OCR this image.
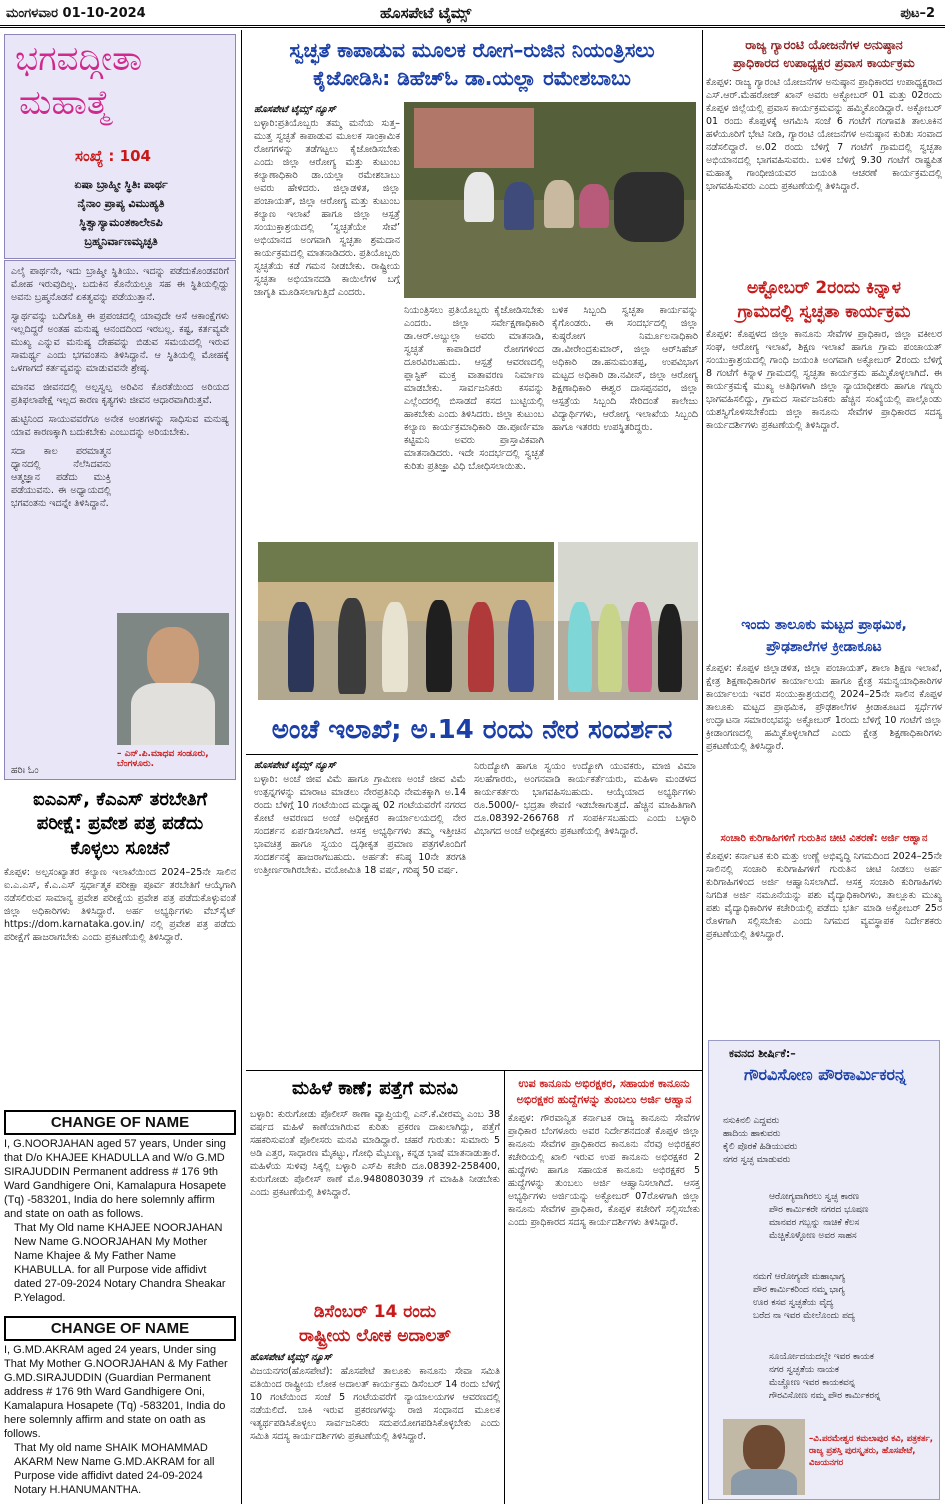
ಮಂಗಳವಾರ 01-10-2024	ಹೊಸಪೇಟೆ ಟೈಮ್ಸ್	ಪುಟ–2
ಭಗವದ್ಗೀತಾ
ಮಹಾತ್ಮೆ
ಸಂಖ್ಯೆ : 104
ಏಷಾ ಬ್ರಾಹ್ಮೀ ಸ್ಥಿತಿಃ ಪಾರ್ಥ
ನೈನಾಂ ಪ್ರಾಪ್ಯ ವಿಮುಹ್ಯತಿ
ಸ್ಥಿತ್ವಾಸ್ಯಾಮಂತಕಾಲೇಽಪಿ
ಬ್ರಹ್ಮನಿರ್ವಾಣಮೃಚ್ಛತಿ

ಎಲೈ ಪಾರ್ಥನೇ, ಇದು ಬ್ರಾಹ್ಮೀ ಸ್ಥಿತಿಯು. ಇದನ್ನು ಪಡೆದುಕೊಂಡವರಿಗೆ ಮೋಹ ಇರುವುದಿಲ್ಲ. ಬದುಕಿನ ಕೊನೆಯಲ್ಲೂ ಸಹ ಈ ಸ್ಥಿತಿಯಲ್ಲಿದ್ದು ಅವನು ಬ್ರಹ್ಮನೊಡನೆ ಏಕತ್ವವನ್ನು ಪಡೆಯುತ್ತಾನೆ.

ಸ್ವಾರ್ಥವನ್ನು ಬದಿಗೊತ್ತಿ ಈ ಪ್ರಪಂಚದಲ್ಲಿ ಯಾವುದೇ ಆಸೆ ಆಕಾಂಕ್ಷೆಗಳು ಇಲ್ಲದಿದ್ದರೆ ಅಂತಹ ಮನುಷ್ಯ ಆನಂದದಿಂದ ಇರಬಲ್ಲ. ಕಷ್ಟ, ಕರ್ತವ್ಯವೇ ಮುಖ್ಯ ಎನ್ನುವ ಮನುಷ್ಯ ದೇಹವನ್ನು ಬಿಡುವ ಸಮಯದಲ್ಲಿ ಇರುವ ಸಾಮರ್ಥ್ಯ ಎಂದು ಭಗವಂತನು ತಿಳಿಸಿದ್ದಾನೆ. ಆ ಸ್ಥಿತಿಯಲ್ಲಿ ಮೋಹಕ್ಕೆ ಒಳಗಾಗದೆ ಕರ್ತವ್ಯವನ್ನು ಮಾಡುವವನೇ ಶ್ರೇಷ್ಠ.

ಮಾನವ ಜೀವನದಲ್ಲಿ ಅಲ್ಪಸ್ವಲ್ಪ ಅರಿವಿನ ಕೊರತೆಯಿಂದ ಅರಿಯದ ಪ್ರತಿಫಲಾಪೇಕ್ಷೆ ಇಲ್ಲದ ಕಾರಣ ಕೃತ್ಯಗಳು ಜೀವನ ಆಧಾರವಾಗಿರುತ್ತವೆ.

ಹುಟ್ಟಿನಿಂದ ಸಾಯುವವರೆಗೂ ಅನೇಕ ಅಂಶಗಳನ್ನು ಸಾಧಿಸುವ ಮನುಷ್ಯ ಯಾವ ಕಾರಣಕ್ಕಾಗಿ ಬದುಕಬೇಕು ಎಂಬುದನ್ನು ಅರಿಯಬೇಕು.

ಸದಾ ಕಾಲ ಪರಮಾತ್ಮನ ಧ್ಯಾನದಲ್ಲಿ ನೆಲೆಸಿದವನು ಆತ್ಮಜ್ಞಾನ ಪಡೆದು ಮುಕ್ತಿ ಪಡೆಯುವನು. ಈ ಅಧ್ಯಾಯದಲ್ಲಿ ಭಗವಂತನು ಇದನ್ನೇ ತಿಳಿಸಿದ್ದಾನೆ.

– ಎನ್.ಪಿ.ಮಾಧವ ಸಂಡೂರು, ಬೆಂಗಳೂರು.
ಹರಿಃ ಓಂ
ಐಎಎಸ್, ಕೆಎಎಸ್ ತರಬೇತಿಗೆ
ಪರೀಕ್ಷೆ: ಪ್ರವೇಶ ಪತ್ರ ಪಡೆದು
ಕೊಳ್ಳಲು ಸೂಚನೆ

ಕೊಪ್ಪಳ: ಅಲ್ಪಸಂಖ್ಯಾತರ ಕಲ್ಯಾಣ ಇಲಾಖೆಯಿಂದ 2024–25ನೇ ಸಾಲಿನ ಐ.ಎ.ಎಸ್, ಕೆ.ಎ.ಎಸ್ ಸ್ಪರ್ಧಾತ್ಮಕ ಪರೀಕ್ಷಾ ಪೂರ್ವ ತರಬೇತಿಗೆ ಆಯ್ಕೆಗಾಗಿ ನಡೆಸಲಿರುವ ಸಾಮಾನ್ಯ ಪ್ರವೇಶ ಪರೀಕ್ಷೆಯ ಪ್ರವೇಶ ಪತ್ರ ಪಡೆದುಕೊಳ್ಳುವಂತೆ ಜಿಲ್ಲಾ ಅಧಿಕಾರಿಗಳು ತಿಳಿಸಿದ್ದಾರೆ. ಅರ್ಹ ಅಭ್ಯರ್ಥಿಗಳು ವೆಬ್‌ಸೈಟ್ https://dom.karnataka.gov.in/ ನಲ್ಲಿ ಪ್ರವೇಶ ಪತ್ರ ಪಡೆದು ಪರೀಕ್ಷೆಗೆ ಹಾಜರಾಗಬೇಕು ಎಂದು ಪ್ರಕಟಣೆಯಲ್ಲಿ ತಿಳಿಸಿದ್ದಾರೆ.

CHANGE OF NAME
I, G.NOORJAHAN aged 57 years, Under sing that D/o KHAJEE KHADULLA and W/o G.MD SIRAJUDDIN Permanent address # 176 9th Ward Gandhigere Oni, Kamalapura Hosapete (Tq) -583201, India do here solemnly affirm and state on oath as follows.
That My Old name KHAJEE NOORJAHAN New Name G.NOORJAHAN My Mother Name Khajee & My Father Name KHABULLA. for all Purpose vide affidivt dated 27-09-2024 Notary Chandra Sheakar P.Yelagod.
CHANGE OF NAME
I, G.MD.AKRAM aged 24 years, Under sing That My Mother G.NOORJAHAN & My Father G.MD.SIRAJUDDIN (Guardian Permanent address # 176 9th Ward Gandhigere Oni, Kamalapura Hosapete (Tq) -583201, India do here solemnly affirm and state on oath as follows.
That My old name SHAIK MOHAMMAD AKARM New Name G.MD.AKRAM for all Purpose vide affidivt dated 24-09-2024 Notary H.HANUMANTHA.
ಸ್ವಚ್ಛತೆ ಕಾಪಾಡುವ ಮೂಲಕ ರೋಗ–ರುಜಿನ ನಿಯಂತ್ರಿಸಲು
ಕೈಜೋಡಿಸಿ: ಡಿಹೆಚ್‌ಓ ಡಾ.ಯಲ್ಲಾ ರಮೇಶಬಾಬು
ಹೊಸಪೇಟೆ ಟೈಮ್ಸ್ ನ್ಯೂಸ್

ಬಳ್ಳಾರಿ:ಪ್ರತಿಯೊಬ್ಬರು ತಮ್ಮ ಮನೆಯ ಸುತ್ತ–ಮುತ್ತ ಸ್ವಚ್ಛತೆ ಕಾಪಾಡುವ ಮೂಲಕ ಸಾಂಕ್ರಾಮಿಕ ರೋಗಗಳನ್ನು ತಡೆಗಟ್ಟಲು ಕೈಜೋಡಿಸಬೇಕು ಎಂದು ಜಿಲ್ಲಾ ಆರೋಗ್ಯ ಮತ್ತು ಕುಟುಂಬ ಕಲ್ಯಾಣಾಧಿಕಾರಿ ಡಾ.ಯಲ್ಲಾ ರಮೇಶಬಾಬು ಅವರು ಹೇಳಿದರು. ಜಿಲ್ಲಾಡಳಿತ, ಜಿಲ್ಲಾ ಪಂಚಾಯತ್, ಜಿಲ್ಲಾ ಆರೋಗ್ಯ ಮತ್ತು ಕುಟುಂಬ ಕಲ್ಯಾಣ ಇಲಾಖೆ ಹಾಗೂ ಜಿಲ್ಲಾ ಆಸ್ಪತ್ರೆ ಸಂಯುಕ್ತಾಶ್ರಯದಲ್ಲಿ ‘ಸ್ವಚ್ಛತೆಯೇ ಸೇವೆ’ ಅಭಿಯಾನದ ಅಂಗವಾಗಿ ಸ್ವಚ್ಛತಾ ಶ್ರಮದಾನ ಕಾರ್ಯಕ್ರಮದಲ್ಲಿ ಮಾತನಾಡಿದರು. ಪ್ರತಿಯೊಬ್ಬರು ಸ್ವಚ್ಛತೆಯ ಕಡೆ ಗಮನ ನೀಡಬೇಕು. ರಾಷ್ಟ್ರೀಯ ಸ್ವಚ್ಛತಾ ಅಭಿಯಾನದಡಿ ಕಾಯಿಲೆಗಳ ಬಗ್ಗೆ ಜಾಗೃತಿ ಮೂಡಿಸಲಾಗುತ್ತಿದೆ ಎಂದರು.

ನಿಯಂತ್ರಿಸಲು ಪ್ರತಿಯೊಬ್ಬರು ಕೈಜೋಡಿಸಬೇಕು ಎಂದರು. ಜಿಲ್ಲಾ ಸರ್ವೇಕ್ಷಣಾಧಿಕಾರಿ ಡಾ.ಆರ್.ಅಬ್ದುಲ್ಲಾ ಅವರು ಮಾತನಾಡಿ, ಸ್ವಚ್ಛತೆ ಕಾಪಾಡಿದರೆ ರೋಗಗಳಿಂದ ದೂರವಿರಬಹುದು. ಆಸ್ಪತ್ರೆ ಆವರಣದಲ್ಲಿ ಪ್ಲಾಸ್ಟಿಕ್ ಮುಕ್ತ ವಾತಾವರಣ ನಿರ್ಮಾಣ ಮಾಡಬೇಕು. ಸಾರ್ವಜನಿಕರು ಕಸವನ್ನು ಎಲ್ಲೆಂದರಲ್ಲಿ ಬಿಸಾಡದೆ ಕಸದ ಬುಟ್ಟಿಯಲ್ಲಿ ಹಾಕಬೇಕು ಎಂದು ತಿಳಿಸಿದರು. ಜಿಲ್ಲಾ ಕುಟುಂಬ ಕಲ್ಯಾಣ ಕಾರ್ಯಕ್ರಮಾಧಿಕಾರಿ ಡಾ.ಪೂರ್ಣಿಮಾ ಕಟ್ಟಿಮನಿ ಅವರು ಪ್ರಾಸ್ತಾವಿಕವಾಗಿ ಮಾತನಾಡಿದರು. ಇದೇ ಸಂದರ್ಭದಲ್ಲಿ ಸ್ವಚ್ಛತೆ ಕುರಿತು ಪ್ರತಿಜ್ಞಾ ವಿಧಿ ಬೋಧಿಸಲಾಯಿತು.

ಬಳಿಕ ಸಿಬ್ಬಂದಿ ಸ್ವಚ್ಛತಾ ಕಾರ್ಯವನ್ನು ಕೈಗೊಂಡರು. ಈ ಸಂದರ್ಭದಲ್ಲಿ ಜಿಲ್ಲಾ ಕುಷ್ಠರೋಗ ನಿರ್ಮೂಲನಾಧಿಕಾರಿ ಡಾ.ವೀರೇಂದ್ರಕುಮಾರ್, ಜಿಲ್ಲಾ ಆರ್‌ಸಿಹೆಚ್ ಅಧಿಕಾರಿ ಡಾ.ಹನುಮಂತಪ್ಪ, ಉಪವಿಭಾಗ ಮಟ್ಟದ ಅಧಿಕಾರಿ ಡಾ.ನವೀನ್, ಜಿಲ್ಲಾ ಆರೋಗ್ಯ ಶಿಕ್ಷಣಾಧಿಕಾರಿ ಈಶ್ವರ ದಾಸಪ್ಪನವರ, ಜಿಲ್ಲಾ ಆಸ್ಪತ್ರೆಯ ಸಿಬ್ಬಂದಿ ಸೇರಿದಂತೆ ಕಾಲೇಜು ವಿದ್ಯಾರ್ಥಿಗಳು, ಆರೋಗ್ಯ ಇಲಾಖೆಯ ಸಿಬ್ಬಂದಿ ಹಾಗೂ ಇತರರು ಉಪಸ್ಥಿತರಿದ್ದರು.

ಅಂಚೆ ಇಲಾಖೆ; ಅ.14 ರಂದು ನೇರ ಸಂದರ್ಶನ
ಹೊಸಪೇಟೆ ಟೈಮ್ಸ್ ನ್ಯೂಸ್

ಬಳ್ಳಾರಿ: ಅಂಚೆ ಜೀವ ವಿಮೆ ಹಾಗೂ ಗ್ರಾಮೀಣ ಅಂಚೆ ಜೀವ ವಿಮೆ ಉತ್ಪನ್ನಗಳನ್ನು ಮಾರಾಟ ಮಾಡಲು ನೇರಪ್ರತಿನಿಧಿ ನೇಮಕಕ್ಕಾಗಿ ಅ.14 ರಂದು ಬೆಳಿಗ್ಗೆ 10 ಗಂಟೆಯಿಂದ ಮಧ್ಯಾಹ್ನ 02 ಗಂಟೆಯವರೆಗೆ ನಗರದ ಕೋಟೆ ಆವರಣದ ಅಂಚೆ ಅಧೀಕ್ಷಕರ ಕಾರ್ಯಾಲಯದಲ್ಲಿ ನೇರ ಸಂದರ್ಶನ ಏರ್ಪಡಿಸಲಾಗಿದೆ. ಆಸಕ್ತ ಅಭ್ಯರ್ಥಿಗಳು ತಮ್ಮ ಇತ್ತೀಚಿನ ಭಾವಚಿತ್ರ ಹಾಗೂ ಸ್ವಯಂ ದೃಢೀಕೃತ ಪ್ರಮಾಣ ಪತ್ರಗಳೊಂದಿಗೆ ಸಂದರ್ಶನಕ್ಕೆ ಹಾಜರಾಗಬಹುದು. ಅರ್ಹತೆ: ಕನಿಷ್ಠ 10ನೇ ತರಗತಿ ಉತ್ತೀರ್ಣರಾಗಿರಬೇಕು. ವಯೋಮಿತಿ 18 ವರ್ಷ, ಗರಿಷ್ಠ 50 ವರ್ಷ.

ನಿರುದ್ಯೋಗಿ ಹಾಗೂ ಸ್ವಯಂ ಉದ್ಯೋಗಿ ಯುವಕರು, ಮಾಜಿ ವಿಮಾ ಸಲಹೆಗಾರರು, ಅಂಗನವಾಡಿ ಕಾರ್ಯಕರ್ತೆಯರು, ಮಹಿಳಾ ಮಂಡಳದ ಕಾರ್ಯಕರ್ತರು ಭಾಗವಹಿಸಬಹುದು. ಆಯ್ಕೆಯಾದ ಅಭ್ಯರ್ಥಿಗಳು ರೂ.5000/- ಭದ್ರತಾ ಠೇವಣಿ ಇಡಬೇಕಾಗುತ್ತದೆ. ಹೆಚ್ಚಿನ ಮಾಹಿತಿಗಾಗಿ ದೂ.08392-266768 ಗೆ ಸಂಪರ್ಕಿಸಬಹುದು ಎಂದು ಬಳ್ಳಾರಿ ವಿಭಾಗದ ಅಂಚೆ ಅಧೀಕ್ಷಕರು ಪ್ರಕಟಣೆಯಲ್ಲಿ ತಿಳಿಸಿದ್ದಾರೆ.

ಮಹಿಳೆ ಕಾಣೆ; ಪತ್ತೆಗೆ ಮನವಿ

ಬಳ್ಳಾರಿ: ಕುರುಗೋಡು ಪೊಲೀಸ್ ಠಾಣಾ ವ್ಯಾಪ್ತಿಯಲ್ಲಿ ಎನ್.ಕೆ.ವೀರಮ್ಮ ಎಂಬ 38 ವರ್ಷದ ಮಹಿಳೆ ಕಾಣೆಯಾಗಿರುವ ಕುರಿತು ಪ್ರಕರಣ ದಾಖಲಾಗಿದ್ದು, ಪತ್ತೆಗೆ ಸಹಕರಿಸುವಂತೆ ಪೊಲೀಸರು ಮನವಿ ಮಾಡಿದ್ದಾರೆ. ಚಹರೆ ಗುರುತು: ಸುಮಾರು 5 ಅಡಿ ಎತ್ತರ, ಸಾಧಾರಣ ಮೈಕಟ್ಟು, ಗೋಧಿ ಮೈಬಣ್ಣ, ಕನ್ನಡ ಭಾಷೆ ಮಾತನಾಡುತ್ತಾರೆ. ಮಹಿಳೆಯ ಸುಳಿವು ಸಿಕ್ಕಲ್ಲಿ ಬಳ್ಳಾರಿ ಎಸ್‌ಪಿ ಕಚೇರಿ ದೂ.08392-258400, ಕುರುಗೋಡು ಪೊಲೀಸ್ ಠಾಣೆ ಮೊ.9480803039 ಗೆ ಮಾಹಿತಿ ನೀಡಬೇಕು ಎಂದು ಪ್ರಕಟಣೆಯಲ್ಲಿ ತಿಳಿಸಿದ್ದಾರೆ.

ಡಿಸೆಂಬರ್ 14 ರಂದು
ರಾಷ್ಟ್ರೀಯ ಲೋಕ ಅದಾಲತ್
ಹೊಸಪೇಟೆ ಟೈಮ್ಸ್ ನ್ಯೂಸ್

ವಿಜಯನಗರ(ಹೊಸಪೇಟೆ): ಹೊಸಪೇಟೆ ತಾಲೂಕು ಕಾನೂನು ಸೇವಾ ಸಮಿತಿ ವತಿಯಿಂದ ರಾಷ್ಟ್ರೀಯ ಲೋಕ ಅದಾಲತ್ ಕಾರ್ಯಕ್ರಮ ಡಿಸೆಂಬರ್ 14 ರಂದು ಬೆಳಿಗ್ಗೆ 10 ಗಂಟೆಯಿಂದ ಸಂಜೆ 5 ಗಂಟೆಯವರೆಗೆ ನ್ಯಾಯಾಲಯಗಳ ಆವರಣದಲ್ಲಿ ನಡೆಯಲಿದೆ. ಬಾಕಿ ಇರುವ ಪ್ರಕರಣಗಳನ್ನು ರಾಜಿ ಸಂಧಾನದ ಮೂಲಕ ಇತ್ಯರ್ಥಪಡಿಸಿಕೊಳ್ಳಲು ಸಾರ್ವಜನಿಕರು ಸದುಪಯೋಗಪಡಿಸಿಕೊಳ್ಳಬೇಕು ಎಂದು ಸಮಿತಿ ಸದಸ್ಯ ಕಾರ್ಯದರ್ಶಿಗಳು ಪ್ರಕಟಣೆಯಲ್ಲಿ ತಿಳಿಸಿದ್ದಾರೆ.

ಉಪ ಕಾನೂನು ಅಭಿರಕ್ಷಕರ, ಸಹಾಯಕ ಕಾನೂನು
ಅಭಿರಕ್ಷಕರ ಹುದ್ದೆಗಳನ್ನು ತುಂಬಲು ಅರ್ಜಿ ಆಹ್ವಾನ

ಕೊಪ್ಪಳ: ಗೌರವಾನ್ವಿತ ಕರ್ನಾಟಕ ರಾಜ್ಯ ಕಾನೂನು ಸೇವೆಗಳ ಪ್ರಾಧಿಕಾರ ಬೆಂಗಳೂರು ಅವರ ನಿರ್ದೇಶನದಂತೆ ಕೊಪ್ಪಳ ಜಿಲ್ಲಾ ಕಾನೂನು ಸೇವೆಗಳ ಪ್ರಾಧಿಕಾರದ ಕಾನೂನು ನೆರವು ಅಭಿರಕ್ಷಕರ ಕಚೇರಿಯಲ್ಲಿ ಖಾಲಿ ಇರುವ ಉಪ ಕಾನೂನು ಅಭಿರಕ್ಷಕರ 2 ಹುದ್ದೆಗಳು ಹಾಗೂ ಸಹಾಯಕ ಕಾನೂನು ಅಭಿರಕ್ಷಕರ 5 ಹುದ್ದೆಗಳನ್ನು ತುಂಬಲು ಅರ್ಜಿ ಆಹ್ವಾನಿಸಲಾಗಿದೆ. ಆಸಕ್ತ ಅಭ್ಯರ್ಥಿಗಳು ಅರ್ಜಿಯನ್ನು ಅಕ್ಟೋಬರ್ 07ರೊಳಗಾಗಿ ಜಿಲ್ಲಾ ಕಾನೂನು ಸೇವೆಗಳ ಪ್ರಾಧಿಕಾರ, ಕೊಪ್ಪಳ ಕಚೇರಿಗೆ ಸಲ್ಲಿಸಬೇಕು ಎಂದು ಪ್ರಾಧಿಕಾರದ ಸದಸ್ಯ ಕಾರ್ಯದರ್ಶಿಗಳು ತಿಳಿಸಿದ್ದಾರೆ.

ರಾಜ್ಯ ಗ್ಯಾರಂಟಿ ಯೋಜನೆಗಳ ಅನುಷ್ಠಾನ
ಪ್ರಾಧಿಕಾರದ ಉಪಾಧ್ಯಕ್ಷರ ಪ್ರವಾಸ ಕಾರ್ಯಕ್ರಮ

ಕೊಪ್ಪಳ: ರಾಜ್ಯ ಗ್ಯಾರಂಟಿ ಯೋಜನೆಗಳ ಅನುಷ್ಠಾನ ಪ್ರಾಧಿಕಾರದ ಉಪಾಧ್ಯಕ್ಷರಾದ ಎಸ್.ಆರ್.ಮೆಹರೋಜ್ ಖಾನ್ ಅವರು ಅಕ್ಟೋಬರ್ 01 ಮತ್ತು 02ರಂದು ಕೊಪ್ಪಳ ಜಿಲ್ಲೆಯಲ್ಲಿ ಪ್ರವಾಸ ಕಾರ್ಯಕ್ರಮವನ್ನು ಹಮ್ಮಿಕೊಂಡಿದ್ದಾರೆ. ಅಕ್ಟೋಬರ್ 01 ರಂದು ಕೊಪ್ಪಳಕ್ಕೆ ಆಗಮಿಸಿ ಸಂಜೆ 6 ಗಂಟೆಗೆ ಗಂಗಾವತಿ ತಾಲೂಕಿನ ಹಳೆಯೂರಿಗೆ ಭೇಟಿ ನೀಡಿ, ಗ್ಯಾರಂಟಿ ಯೋಜನೆಗಳ ಅನುಷ್ಠಾನ ಕುರಿತು ಸಂವಾದ ನಡೆಸಲಿದ್ದಾರೆ. ಅ.02 ರಂದು ಬೆಳಿಗ್ಗೆ 7 ಗಂಟೆಗೆ ಗ್ರಾಮದಲ್ಲಿ ಸ್ವಚ್ಛತಾ ಅಭಿಯಾನದಲ್ಲಿ ಭಾಗವಹಿಸುವರು. ಬಳಿಕ ಬೆಳಿಗ್ಗೆ 9.30 ಗಂಟೆಗೆ ರಾಷ್ಟ್ರಪಿತ ಮಹಾತ್ಮ ಗಾಂಧೀಜಿಯವರ ಜಯಂತಿ ಆಚರಣೆ ಕಾರ್ಯಕ್ರಮದಲ್ಲಿ ಭಾಗವಹಿಸುವರು ಎಂದು ಪ್ರಕಟಣೆಯಲ್ಲಿ ತಿಳಿಸಿದ್ದಾರೆ.

ಅಕ್ಟೋಬರ್ 2ರಂದು ಕಿನ್ನಾಳ
ಗ್ರಾಮದಲ್ಲಿ ಸ್ವಚ್ಛತಾ ಕಾರ್ಯಕ್ರಮ

ಕೊಪ್ಪಳ: ಕೊಪ್ಪಳದ ಜಿಲ್ಲಾ ಕಾನೂನು ಸೇವೆಗಳ ಪ್ರಾಧಿಕಾರ, ಜಿಲ್ಲಾ ವಕೀಲರ ಸಂಘ, ಆರೋಗ್ಯ ಇಲಾಖೆ, ಶಿಕ್ಷಣ ಇಲಾಖೆ ಹಾಗೂ ಗ್ರಾಮ ಪಂಚಾಯತ್ ಸಂಯುಕ್ತಾಶ್ರಯದಲ್ಲಿ ಗಾಂಧಿ ಜಯಂತಿ ಅಂಗವಾಗಿ ಅಕ್ಟೋಬರ್ 2ರಂದು ಬೆಳಿಗ್ಗೆ 8 ಗಂಟೆಗೆ ಕಿನ್ನಾಳ ಗ್ರಾಮದಲ್ಲಿ ಸ್ವಚ್ಛತಾ ಕಾರ್ಯಕ್ರಮ ಹಮ್ಮಿಕೊಳ್ಳಲಾಗಿದೆ. ಈ ಕಾರ್ಯಕ್ರಮಕ್ಕೆ ಮುಖ್ಯ ಅತಿಥಿಗಳಾಗಿ ಜಿಲ್ಲಾ ನ್ಯಾಯಾಧೀಶರು ಹಾಗೂ ಗಣ್ಯರು ಭಾಗವಹಿಸಲಿದ್ದು, ಗ್ರಾಮದ ಸಾರ್ವಜನಿಕರು ಹೆಚ್ಚಿನ ಸಂಖ್ಯೆಯಲ್ಲಿ ಪಾಲ್ಗೊಂಡು ಯಶಸ್ವಿಗೊಳಿಸಬೇಕೆಂದು ಜಿಲ್ಲಾ ಕಾನೂನು ಸೇವೆಗಳ ಪ್ರಾಧಿಕಾರದ ಸದಸ್ಯ ಕಾರ್ಯದರ್ಶಿಗಳು ಪ್ರಕಟಣೆಯಲ್ಲಿ ತಿಳಿಸಿದ್ದಾರೆ.

ಇಂದು ತಾಲೂಕು ಮಟ್ಟದ ಪ್ರಾಥಮಿಕ,
ಪ್ರೌಢಶಾಲೆಗಳ ಕ್ರೀಡಾಕೂಟ

ಕೊಪ್ಪಳ: ಕೊಪ್ಪಳ ಜಿಲ್ಲಾಡಳಿತ, ಜಿಲ್ಲಾ ಪಂಚಾಯತ್, ಶಾಲಾ ಶಿಕ್ಷಣ ಇಲಾಖೆ, ಕ್ಷೇತ್ರ ಶಿಕ್ಷಣಾಧಿಕಾರಿಗಳ ಕಾರ್ಯಾಲಯ ಹಾಗೂ ಕ್ಷೇತ್ರ ಸಮನ್ವಯಾಧಿಕಾರಿಗಳ ಕಾರ್ಯಾಲಯ ಇವರ ಸಂಯುಕ್ತಾಶ್ರಯದಲ್ಲಿ 2024–25ನೇ ಸಾಲಿನ ಕೊಪ್ಪಳ ತಾಲೂಕು ಮಟ್ಟದ ಪ್ರಾಥಮಿಕ, ಪ್ರೌಢಶಾಲೆಗಳ ಕ್ರೀಡಾಕೂಟದ ಸ್ಪರ್ಧೆಗಳ ಉದ್ಘಾಟನಾ ಸಮಾರಂಭವನ್ನು ಅಕ್ಟೋಬರ್ 1ರಂದು ಬೆಳಿಗ್ಗೆ 10 ಗಂಟೆಗೆ ಜಿಲ್ಲಾ ಕ್ರೀಡಾಂಗಣದಲ್ಲಿ ಹಮ್ಮಿಕೊಳ್ಳಲಾಗಿದೆ ಎಂದು ಕ್ಷೇತ್ರ ಶಿಕ್ಷಣಾಧಿಕಾರಿಗಳು ಪ್ರಕಟಣೆಯಲ್ಲಿ ತಿಳಿಸಿದ್ದಾರೆ.

ಸಂಚಾರಿ ಕುರಿಗಾಹಿಗಳಿಗೆ ಗುರುತಿನ ಚೀಟಿ ವಿತರಣೆ: ಅರ್ಜಿ ಆಹ್ವಾನ

ಕೊಪ್ಪಳ: ಕರ್ನಾಟಕ ಕುರಿ ಮತ್ತು ಉಣ್ಣೆ ಅಭಿವೃದ್ಧಿ ನಿಗಮದಿಂದ 2024–25ನೇ ಸಾಲಿನಲ್ಲಿ ಸಂಚಾರಿ ಕುರಿಗಾಹಿಗಳಿಗೆ ಗುರುತಿನ ಚೀಟಿ ನೀಡಲು ಅರ್ಹ ಕುರಿಗಾಹಿಗಳಿಂದ ಅರ್ಜಿ ಆಹ್ವಾನಿಸಲಾಗಿದೆ. ಆಸಕ್ತ ಸಂಚಾರಿ ಕುರಿಗಾಹಿಗಳು ನಿಗದಿತ ಅರ್ಜಿ ನಮೂನೆಯನ್ನು ಪಶು ವೈದ್ಯಾಧಿಕಾರಿಗಳು, ತಾಲ್ಲೂಕು ಮುಖ್ಯ ಪಶು ವೈದ್ಯಾಧಿಕಾರಿಗಳ ಕಚೇರಿಯಲ್ಲಿ ಪಡೆದು ಭರ್ತಿ ಮಾಡಿ ಅಕ್ಟೋಬರ್ 25ರ ರೊಳಗಾಗಿ ಸಲ್ಲಿಸಬೇಕು ಎಂದು ನಿಗಮದ ವ್ಯವಸ್ಥಾಪಕ ನಿರ್ದೇಶಕರು ಪ್ರಕಟಣೆಯಲ್ಲಿ ತಿಳಿಸಿದ್ದಾರೆ.

ಕವನದ ಶೀರ್ಷಿಕೆ:–
ಗೌರವಿಸೋಣ ಪೌರಕಾರ್ಮಿಕರನ್ನ
ನಸುಕಿನಲಿ ಎದ್ದವರು
ಹಾದಿಯ ಹಾಕುವರು
ಕೈಲಿ ಪೊರಕೆ ಹಿಡಿಯುವರು
ನಗರ ಸ್ವಚ್ಛ ಮಾಡುವರು
ಆರೋಗ್ಯವಾಗಿರಲು ಸ್ವಚ್ಛ ಕಾರಣ
ಪೌರ ಕಾರ್ಮಿಕರೇ ನಗರದ ಭೂಷಣ
ಮಾನವರ ಗಬ್ಬನ್ನು ನಾಚಿಕೆ ಕೆಲಸ
ಮೆಚ್ಚಿಕೊಳ್ಳೋಣ ಅವರ ಸಾಹಸ
ನಮಗೆ ಆರೋಗ್ಯವೇ ಮಹಾಭಾಗ್ಯ
ಪೌರ ಕಾರ್ಮಿಕರಿಂದ ನಮ್ಮ ಭಾಗ್ಯ
ಊರ ಕಸವ ಸ್ವಚ್ಛತೆಯ ವೈದ್ಯ
ಬರೆದ ನಾ ಇವರ ಮೇಲೊಂದು ಪದ್ಯ
ಸೂರ್ಯೋದಯದಲ್ಲೇ ಇವರ ಕಾಯಕ
ನಗರ ಸ್ವಚ್ಛತೆಯ ನಾಯಕ
ಮೆಚ್ಚೋಣ ಇವರ ಕಾಯಕವನ್ನ
ಗೌರವಿಸೋಣ ನಮ್ಮ ಪೌರ ಕಾರ್ಮಿಕರನ್ನ
–ವಿ.ಪರಮೇಶ್ವರ ಕಮಲಾಪುರ ಕವಿ, ಪತ್ರಕರ್ತ, ರಾಜ್ಯ ಪ್ರಶಸ್ತಿ ಪುರಸ್ಕೃತರು, ಹೊಸಪೇಟೆ, ವಿಜಯನಗರ
